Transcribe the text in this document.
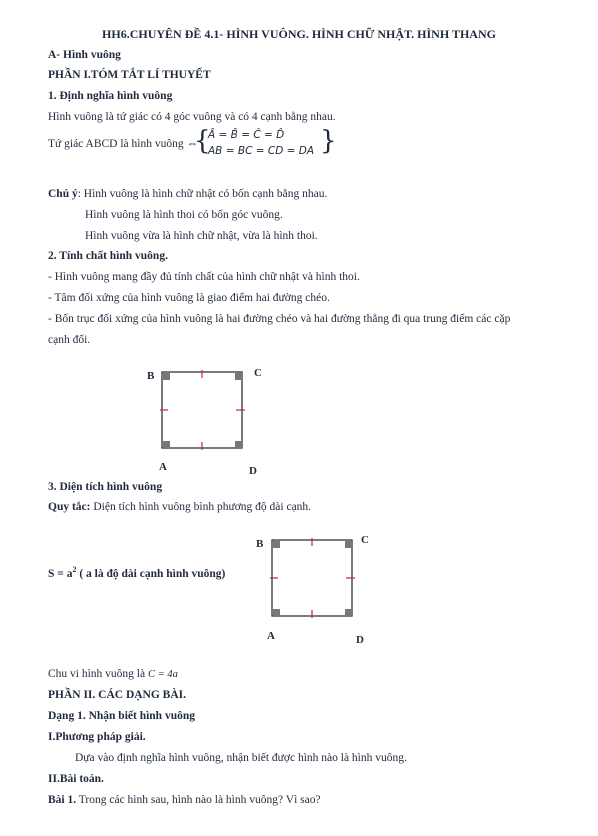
HH6.CHUYÊN ĐỀ 4.1- HÌNH VUÔNG. HÌNH CHỮ NHẬT. HÌNH THANG
A- Hình vuông
PHẦN I.TÓM TẮT LÍ THUYẾT
1. Định nghĩa hình vuông
Hình vuông là tứ giác có 4 góc vuông và có 4 cạnh bằng nhau.
Tứ giác ABCD là hình vuông ⇔
{
Â = B̂ = Ĉ = D̂
AB = BC = CD = DA }
Chú ý: Hình vuông là hình chữ nhật có bốn cạnh bằng nhau.
Hình vuông là hình thoi có bốn góc vuông.
Hình vuông vừa là hình chữ nhật, vừa là hình thoi.
2. Tính chất hình vuông.
- Hình vuông mang đầy đủ tính chất của hình chữ nhật và hình thoi.
- Tâm đối xứng của hình vuông là giao điểm hai đường chéo.
- Bốn trục đối xứng của hình vuông là hai đường chéo và hai đường thẳng đi qua trung điểm các cặp
cạnh đối.
B	C
A	D
3. Diện tích hình vuông
Quy tắc: Diện tích hình vuông bình phương độ dài cạnh.
$S = a^2$ ( a là độ dài cạnh hình vuông)
B	C
A	D
Chu vi hình vuông là C = 4a
PHẦN II. CÁC DẠNG BÀI.
Dạng 1. Nhận biết hình vuông
I.Phương pháp giải.
Dựa vào định nghĩa hình vuông, nhận biết được hình nào là hình vuông.
II.Bài toán.
Bài 1. Trong các hình sau, hình nào là hình vuông? Vì sao?
